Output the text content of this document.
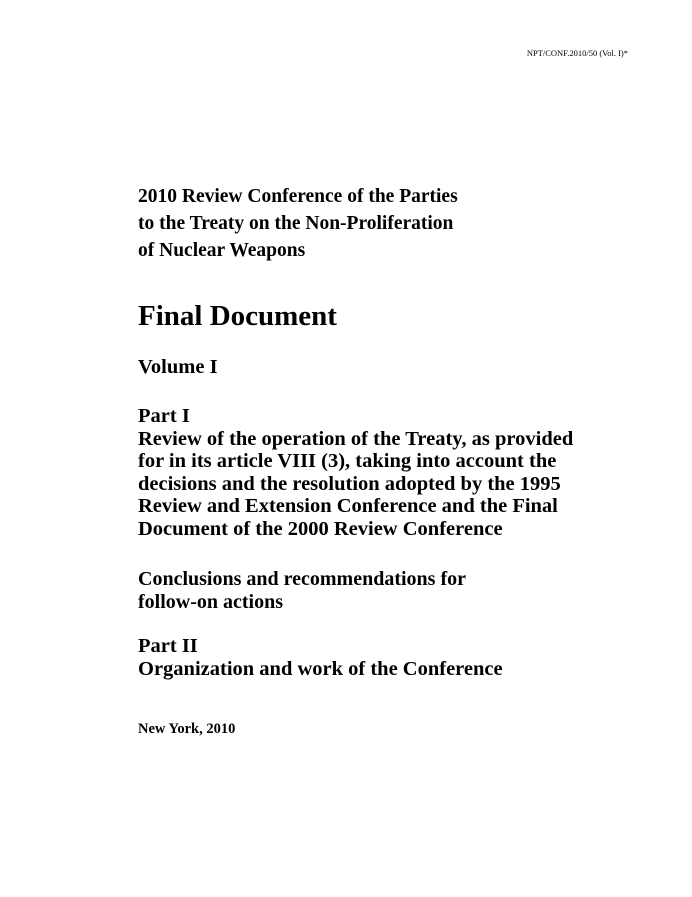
NPT/CONF.2010/50 (Vol. I)*
2010 Review Conference of the Parties
to the Treaty on the Non-Proliferation
of Nuclear Weapons
Final Document
Volume I
Part I
Review of the operation of the Treaty, as provided
for in its article VIII (3), taking into account the
decisions and the resolution adopted by the 1995
Review and Extension Conference and the Final
Document of the 2000 Review Conference
Conclusions and recommendations for
follow-on actions
Part II
Organization and work of the Conference
New York, 2010
